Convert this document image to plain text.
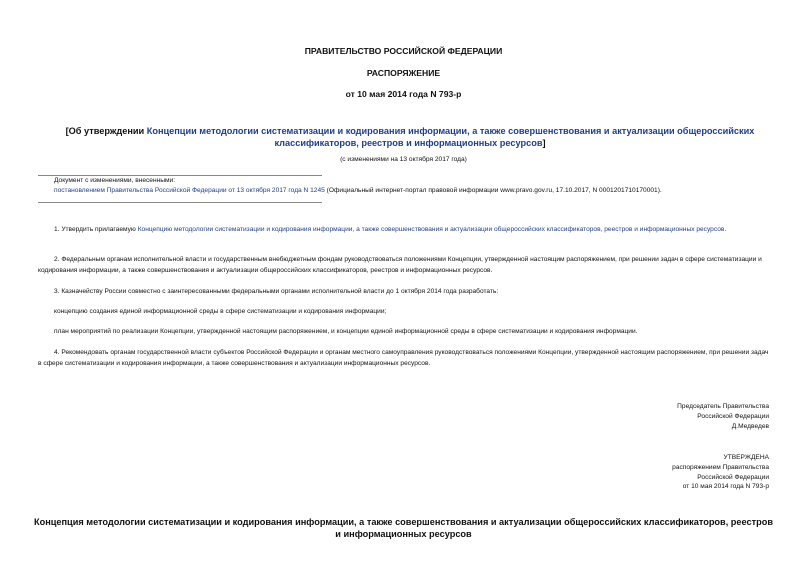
ПРАВИТЕЛЬСТВО РОССИЙСКОЙ ФЕДЕРАЦИИ
РАСПОРЯЖЕНИЕ
от 10 мая 2014 года N 793-р
[Об утверждении Концепции методологии систематизации и кодирования информации, а также совершенствования и актуализации общероссийских классификаторов, реестров и информационных ресурсов]
(с изменениями на 13 октября 2017 года)
Документ с изменениями, внесенными:
постановлением Правительства Российской Федерации от 13 октября 2017 года N 1245 (Официальный интернет-портал правовой информации www.pravo.gov.ru, 17.10.2017, N 0001201710170001).
1. Утвердить прилагаемую Концепцию методологии систематизации и кодирования информации, а также совершенствования и актуализации общероссийских классификаторов, реестров и информационных ресурсов.
2. Федеральным органам исполнительной власти и государственным внебюджетным фондам руководствоваться положениями Концепции, утвержденной настоящим распоряжением, при решении задач в сфере систематизации и кодирования информации, а также совершенствования и актуализации общероссийских классификаторов, реестров и информационных ресурсов.
3. Казначейству России совместно с заинтересованными федеральными органами исполнительной власти до 1 октября 2014 года разработать:
концепцию создания единой информационной среды в сфере систематизации и кодирования информации;
план мероприятий по реализации Концепции, утвержденной настоящим распоряжением, и концепции единой информационной среды в сфере систематизации и кодирования информации.
4. Рекомендовать органам государственной власти субъектов Российской Федерации и органам местного самоуправления руководствоваться положениями Концепции, утвержденной настоящим распоряжением, при решении задач в сфере систематизации и кодирования информации, а также совершенствования и актуализации информационных ресурсов.
Председатель Правительства
Российской Федерации
Д.Медведев
УТВЕРЖДЕНА
распоряжением Правительства
Российской Федерации
от 10 мая 2014 года N 793-р
Концепция методологии систематизации и кодирования информации, а также совершенствования и актуализации общероссийских классификаторов, реестров и информационных ресурсов
